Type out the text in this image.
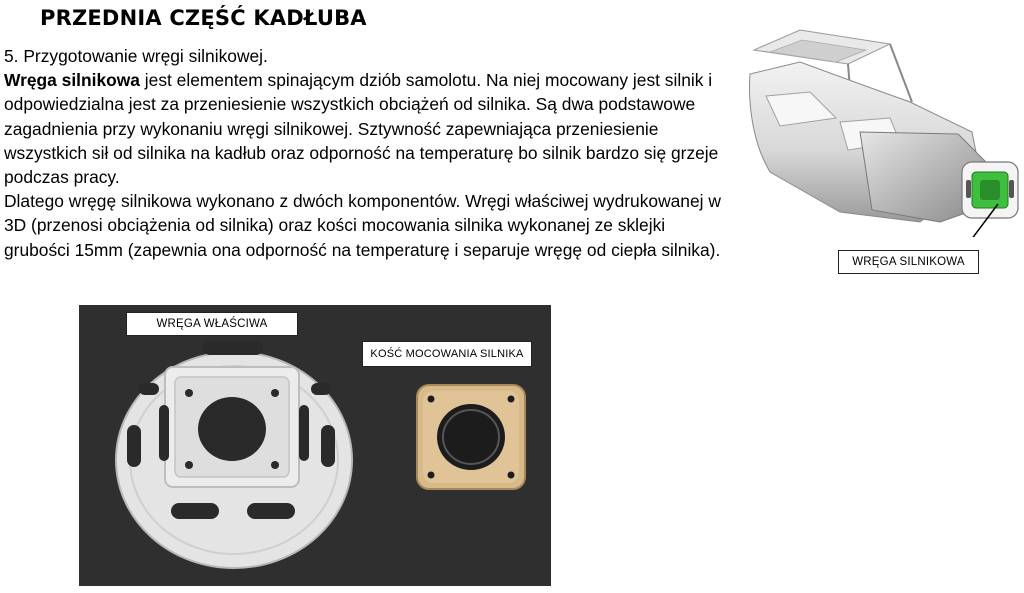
PRZEDNIA CZĘŚĆ KADŁUBA

5. Przygotowanie wręgi silnikowej.

Wręga silnikowa jest elementem spinającym dziób samolotu. Na niej mocowany jest silnik i odpowiedzialna jest za przeniesienie wszystkich obciążeń od silnika. Są dwa podstawowe zagadnienia przy wykonaniu wręgi silnikowej. Sztywność zapewniająca przeniesienie wszystkich sił od silnika na kadłub oraz odporność na temperaturę bo silnik bardzo się grzeje podczas pracy.

Dlatego wręgę silnikowa wykonano z dwóch komponentów. Wręgi właściwej wydrukowanej w 3D (przenosi obciążenia od silnika) oraz kości mocowania silnika wykonanej ze sklejki grubości 15mm (zapewnia ona odporność na temperaturę i separuje wręgę od ciepła silnika).

WRĘGA SILNIKOWA
WRĘGA WŁAŚCIWA
KOŚĆ MOCOWANIA SILNIKA
